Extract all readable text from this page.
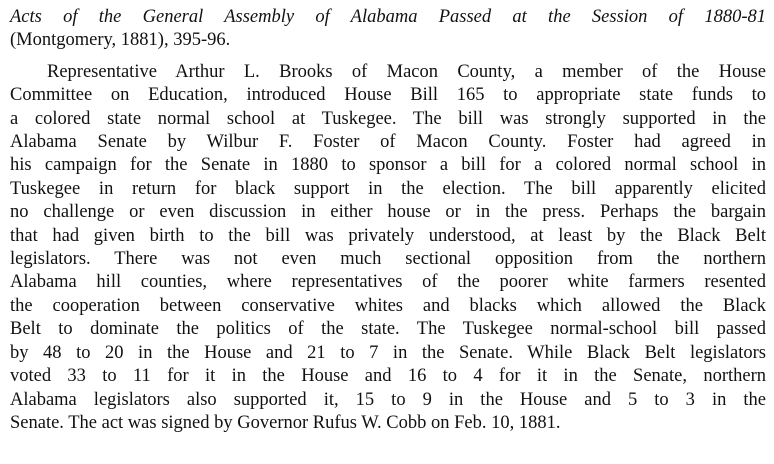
Acts of the General Assembly of Alabama Passed at the Session of 1880-81
(Montgomery, 1881), 395-96.

Representative Arthur L. Brooks of Macon County, a member of the House
Committee on Education, introduced House Bill 165 to appropriate state funds to
a colored state normal school at Tuskegee. The bill was strongly supported in the
Alabama Senate by Wilbur F. Foster of Macon County. Foster had agreed in
his campaign for the Senate in 1880 to sponsor a bill for a colored normal school in
Tuskegee in return for black support in the election. The bill apparently elicited
no challenge or even discussion in either house or in the press. Perhaps the bargain
that had given birth to the bill was privately understood, at least by the Black Belt
legislators. There was not even much sectional opposition from the northern
Alabama hill counties, where representatives of the poorer white farmers resented
the cooperation between conservative whites and blacks which allowed the Black
Belt to dominate the politics of the state. The Tuskegee normal-school bill passed
by 48 to 20 in the House and 21 to 7 in the Senate. While Black Belt legislators
voted 33 to 11 for it in the House and 16 to 4 for it in the Senate, northern
Alabama legislators also supported it, 15 to 9 in the House and 5 to 3 in the
Senate. The act was signed by Governor Rufus W. Cobb on Feb. 10, 1881.
